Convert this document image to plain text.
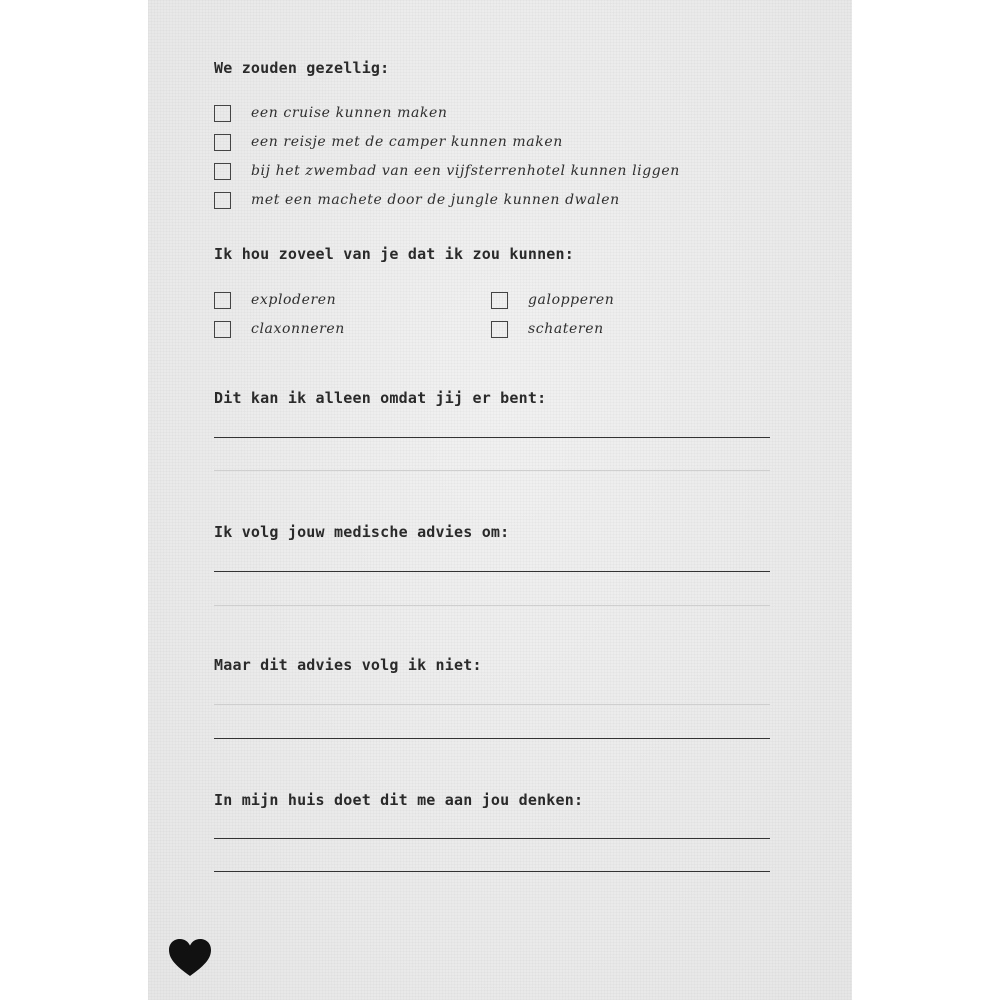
We zouden gezellig:
een cruise kunnen maken
een reisje met de camper kunnen maken
bij het zwembad van een vijfsterrenhotel kunnen liggen
met een machete door de jungle kunnen dwalen
Ik hou zoveel van je dat ik zou kunnen:
exploderen
claxonneren
galopperen
schateren
Dit kan ik alleen omdat jij er bent:
Ik volg jouw medische advies om:
Maar dit advies volg ik niet:
In mijn huis doet dit me aan jou denken:
